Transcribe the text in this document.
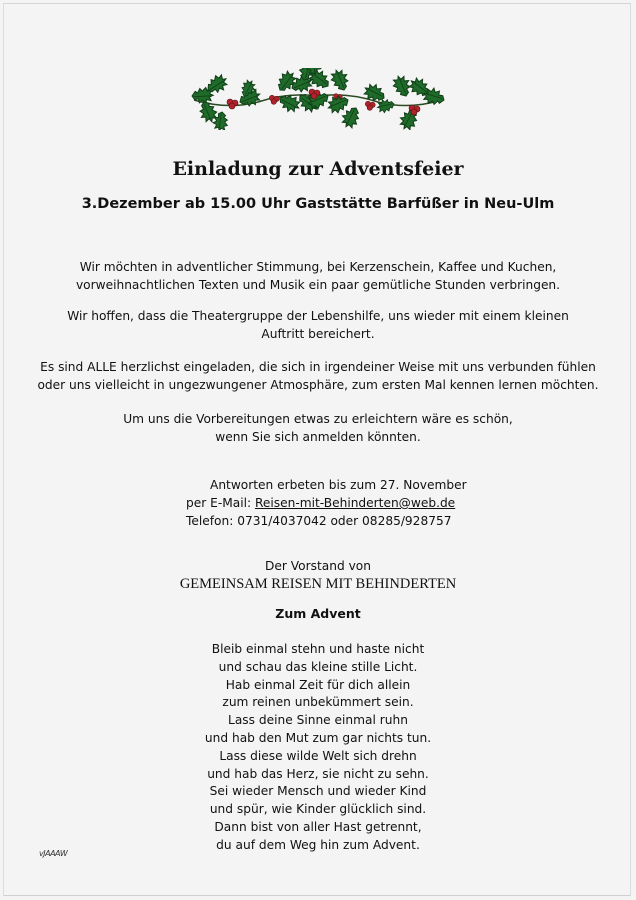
Einladung zur Adventsfeier
3.Dezember ab 15.00 Uhr Gaststätte Barfüßer in Neu-Ulm
Wir möchten in adventlicher Stimmung, bei Kerzenschein, Kaffee und Kuchen,
vorweihnachtlichen Texten und Musik ein paar gemütliche Stunden verbringen.
Wir hoffen, dass die Theatergruppe der Lebenshilfe, uns wieder mit einem kleinen
Auftritt bereichert.
Es sind ALLE herzlichst eingeladen, die sich in irgendeiner Weise mit uns verbunden fühlen
oder uns vielleicht in ungezwungener Atmosphäre, zum ersten Mal kennen lernen möchten.
Um uns die Vorbereitungen etwas zu erleichtern wäre es schön,
wenn Sie sich anmelden könnten.
Antworten erbeten bis zum 27. November
per E-Mail: Reisen-mit-Behinderten@web.de
Telefon: 0731/4037042 oder 08285/928757
Der Vorstand von
GEMEINSAM REISEN MIT BEHINDERTEN
Zum Advent
Bleib einmal stehn und haste nicht
und schau das kleine stille Licht.
Hab einmal Zeit für dich allein
zum reinen unbekümmert sein.
Lass deine Sinne einmal ruhn
und hab den Mut zum gar nichts tun.
Lass diese wilde Welt sich drehn
und hab das Herz, sie nicht zu sehn.
Sei wieder Mensch und wieder Kind
und spür, wie Kinder glücklich sind.
Dann bist von aller Hast getrennt,
du auf dem Weg hin zum Advent.
vJAAAW
